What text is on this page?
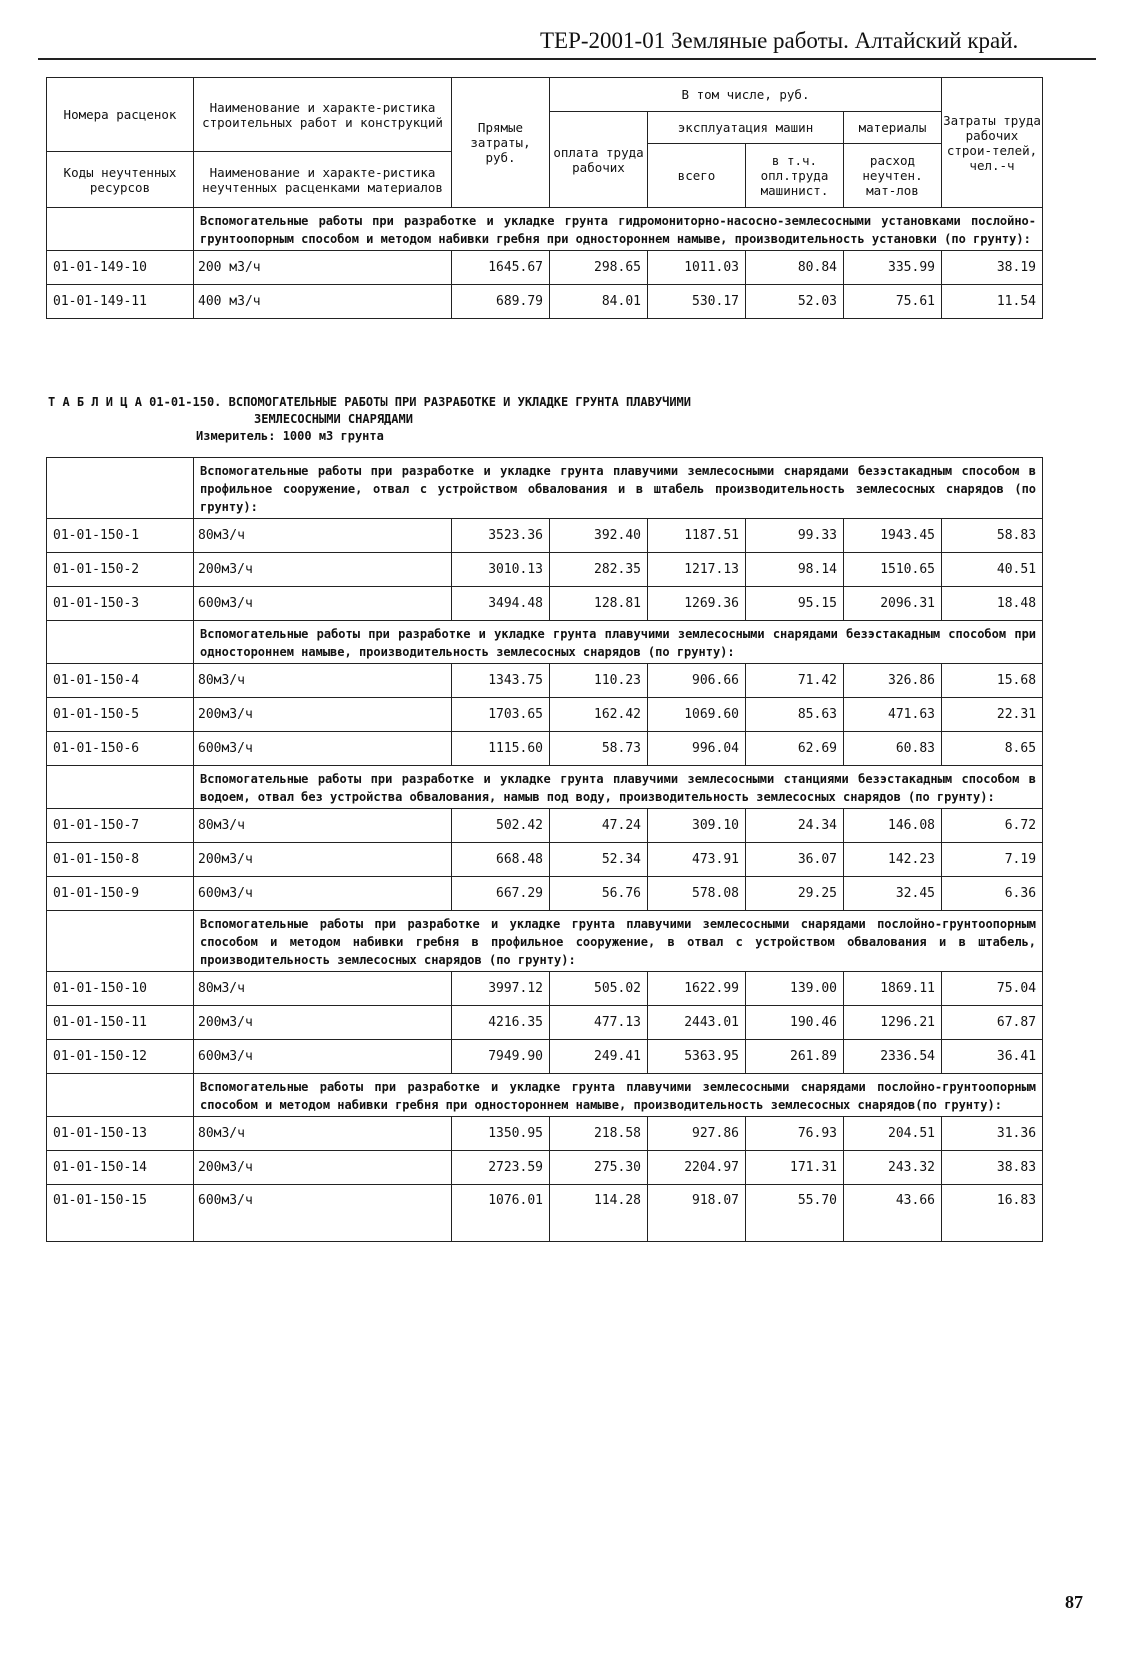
ТЕР-2001-01 Земляные работы. Алтайский край.
Номера расценок	Наименование и характе-ристика строительных работ и конструкций	Прямые затраты, руб.	В том числе, руб.				Затраты труда рабочих строи-телей, чел.-ч
			оплата труда рабочих	эксплуатация машин		материалы	
				всего	в т.ч. опл.труда машинист.	расход неучтен. мат-лов	
Коды неучтенных ресурсов	Наименование и характе-ристика неучтенных расценками материалов						

	Вспомогательные работы при разработке и укладке грунта гидромониторно-насосно-землесосными установками послойно-грунтоопорным способом и методом набивки гребня при одностороннем намыве, производительность установки (по грунту):						
01-01-149-10	200 м3/ч	1645.67	298.65	1011.03	80.84	335.99	38.19
01-01-149-11	400 м3/ч	689.79	84.01	530.17	52.03	75.61	11.54
Т А Б Л И Ц А 01-01-150. ВСПОМОГАТЕЛЬНЫЕ РАБОТЫ ПРИ РАЗРАБОТКЕ И УКЛАДКЕ ГРУНТА ПЛАВУЧИМИ
ЗЕМЛЕСОСНЫМИ СНАРЯДАМИ
Измеритель: 1000 м3 грунта
	Вспомогательные работы при разработке и укладке грунта плавучими землесосными снарядами безэстакадным способом в профильное сооружение, отвал с устройством обвалования и в штабель производительность землесосных снарядов (по грунту):						
01-01-150-1	80м3/ч	3523.36	392.40	1187.51	99.33	1943.45	58.83
01-01-150-2	200м3/ч	3010.13	282.35	1217.13	98.14	1510.65	40.51
01-01-150-3	600м3/ч	3494.48	128.81	1269.36	95.15	2096.31	18.48
	Вспомогательные работы при разработке и укладке грунта плавучими землесосными снарядами безэстакадным способом при одностороннем намыве, производительность землесосных снарядов (по грунту):						
01-01-150-4	80м3/ч	1343.75	110.23	906.66	71.42	326.86	15.68
01-01-150-5	200м3/ч	1703.65	162.42	1069.60	85.63	471.63	22.31
01-01-150-6	600м3/ч	1115.60	58.73	996.04	62.69	60.83	8.65
	Вспомогательные работы при разработке и укладке грунта плавучими землесосными станциями безэстакадным способом в водоем, отвал без устройства обвалования, намыв под воду, производительность землесосных снарядов (по грунту):						
01-01-150-7	80м3/ч	502.42	47.24	309.10	24.34	146.08	6.72
01-01-150-8	200м3/ч	668.48	52.34	473.91	36.07	142.23	7.19
01-01-150-9	600м3/ч	667.29	56.76	578.08	29.25	32.45	6.36
	Вспомогательные работы при разработке и укладке грунта плавучими землесосными снарядами послойно-грунтоопорным способом и методом набивки гребня в профильное сооружение, в отвал с устройством обвалования и в штабель, производительность землесосных снарядов (по грунту):						
01-01-150-10	80м3/ч	3997.12	505.02	1622.99	139.00	1869.11	75.04
01-01-150-11	200м3/ч	4216.35	477.13	2443.01	190.46	1296.21	67.87
01-01-150-12	600м3/ч	7949.90	249.41	5363.95	261.89	2336.54	36.41
	Вспомогательные работы при разработке и укладке грунта плавучими землесосными снарядами послойно-грунтоопорным способом и методом набивки гребня при одностороннем намыве, производительность землесосных снарядов(по грунту):						
01-01-150-13	80м3/ч	1350.95	218.58	927.86	76.93	204.51	31.36
01-01-150-14	200м3/ч	2723.59	275.30	2204.97	171.31	243.32	38.83
01-01-150-15	600м3/ч	1076.01	114.28	918.07	55.70	43.66	16.83
87
